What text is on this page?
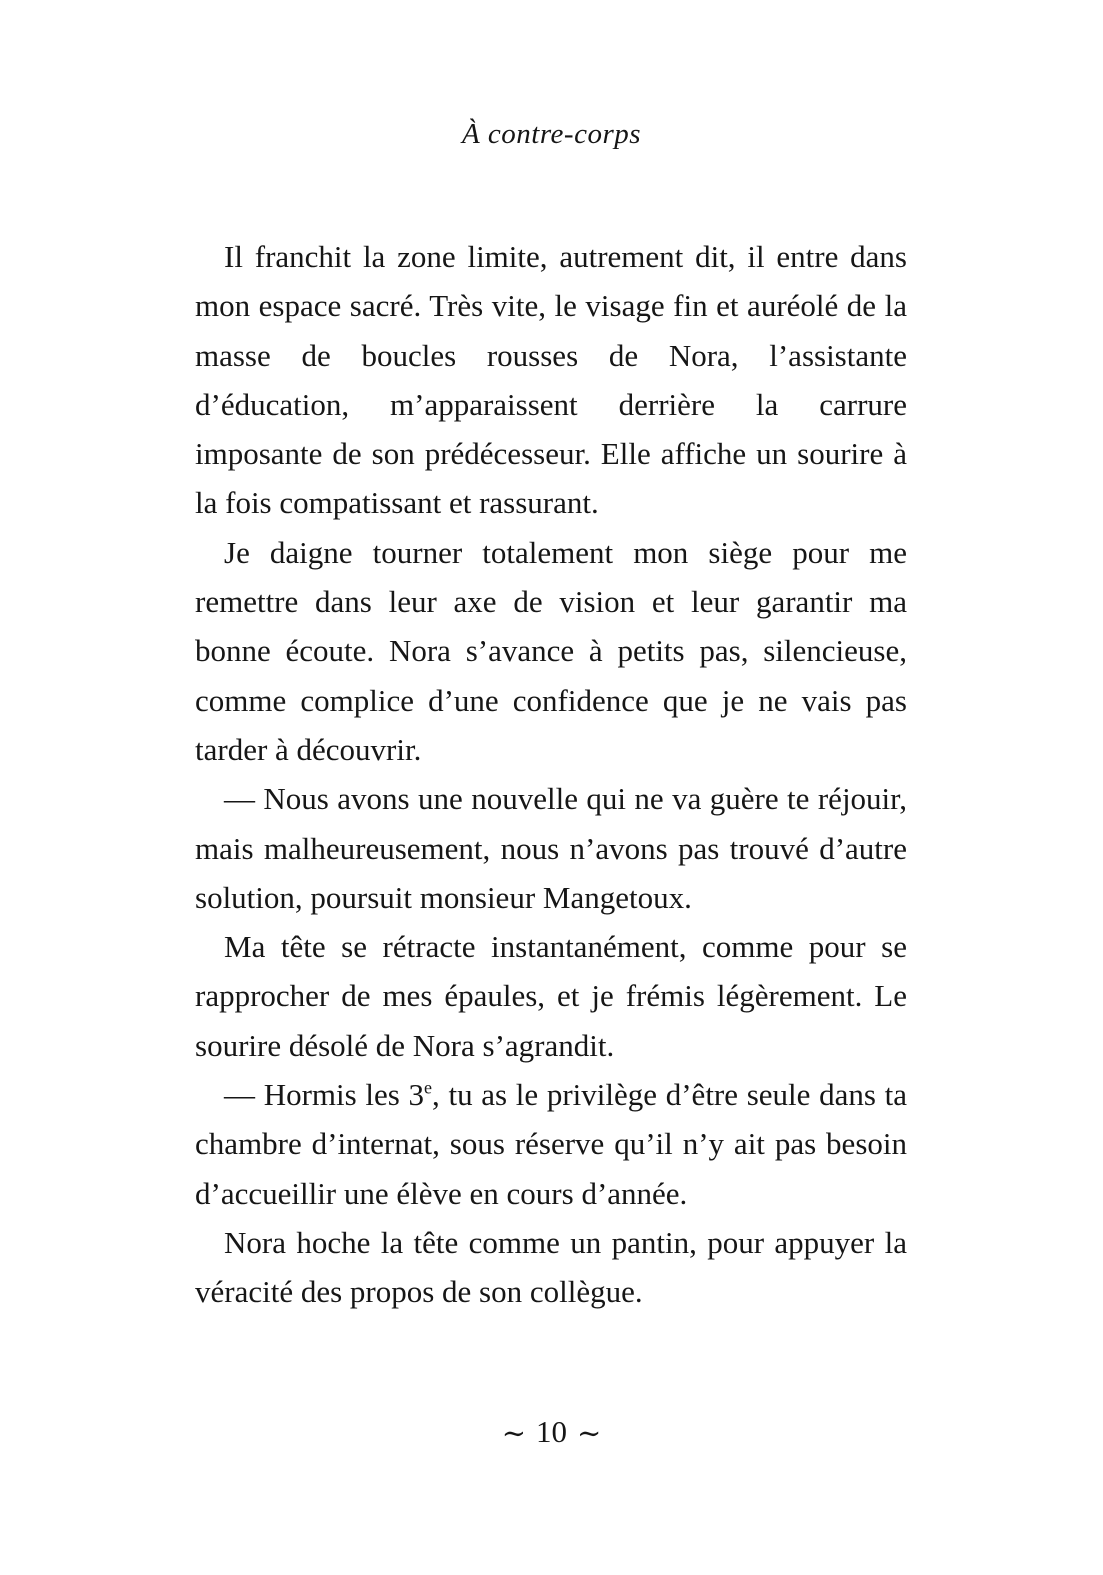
À contre-corps

Il franchit la zone limite, autrement dit, il entre dans mon espace sacré. Très vite, le visage fin et auréolé de la masse de boucles rousses de Nora, l’assistante d’éducation, m’apparaissent derrière la carrure imposante de son prédécesseur. Elle affiche un sourire à la fois compatissant et rassurant.

Je daigne tourner totalement mon siège pour me remettre dans leur axe de vision et leur garantir ma bonne écoute. Nora s’avance à petits pas, silencieuse, comme complice d’une confidence que je ne vais pas tarder à découvrir.

— Nous avons une nouvelle qui ne va guère te réjouir, mais malheureusement, nous n’avons pas trouvé d’autre solution, poursuit monsieur Mangetoux.

Ma tête se rétracte instantanément, comme pour se rapprocher de mes épaules, et je frémis légèrement. Le sourire désolé de Nora s’agrandit.

— Hormis les 3e, tu as le privilège d’être seule dans ta chambre d’internat, sous réserve qu’il n’y ait pas besoin d’accueillir une élève en cours d’année.

Nora hoche la tête comme un pantin, pour appuyer la véracité des propos de son collègue.

∼ 10 ∼
